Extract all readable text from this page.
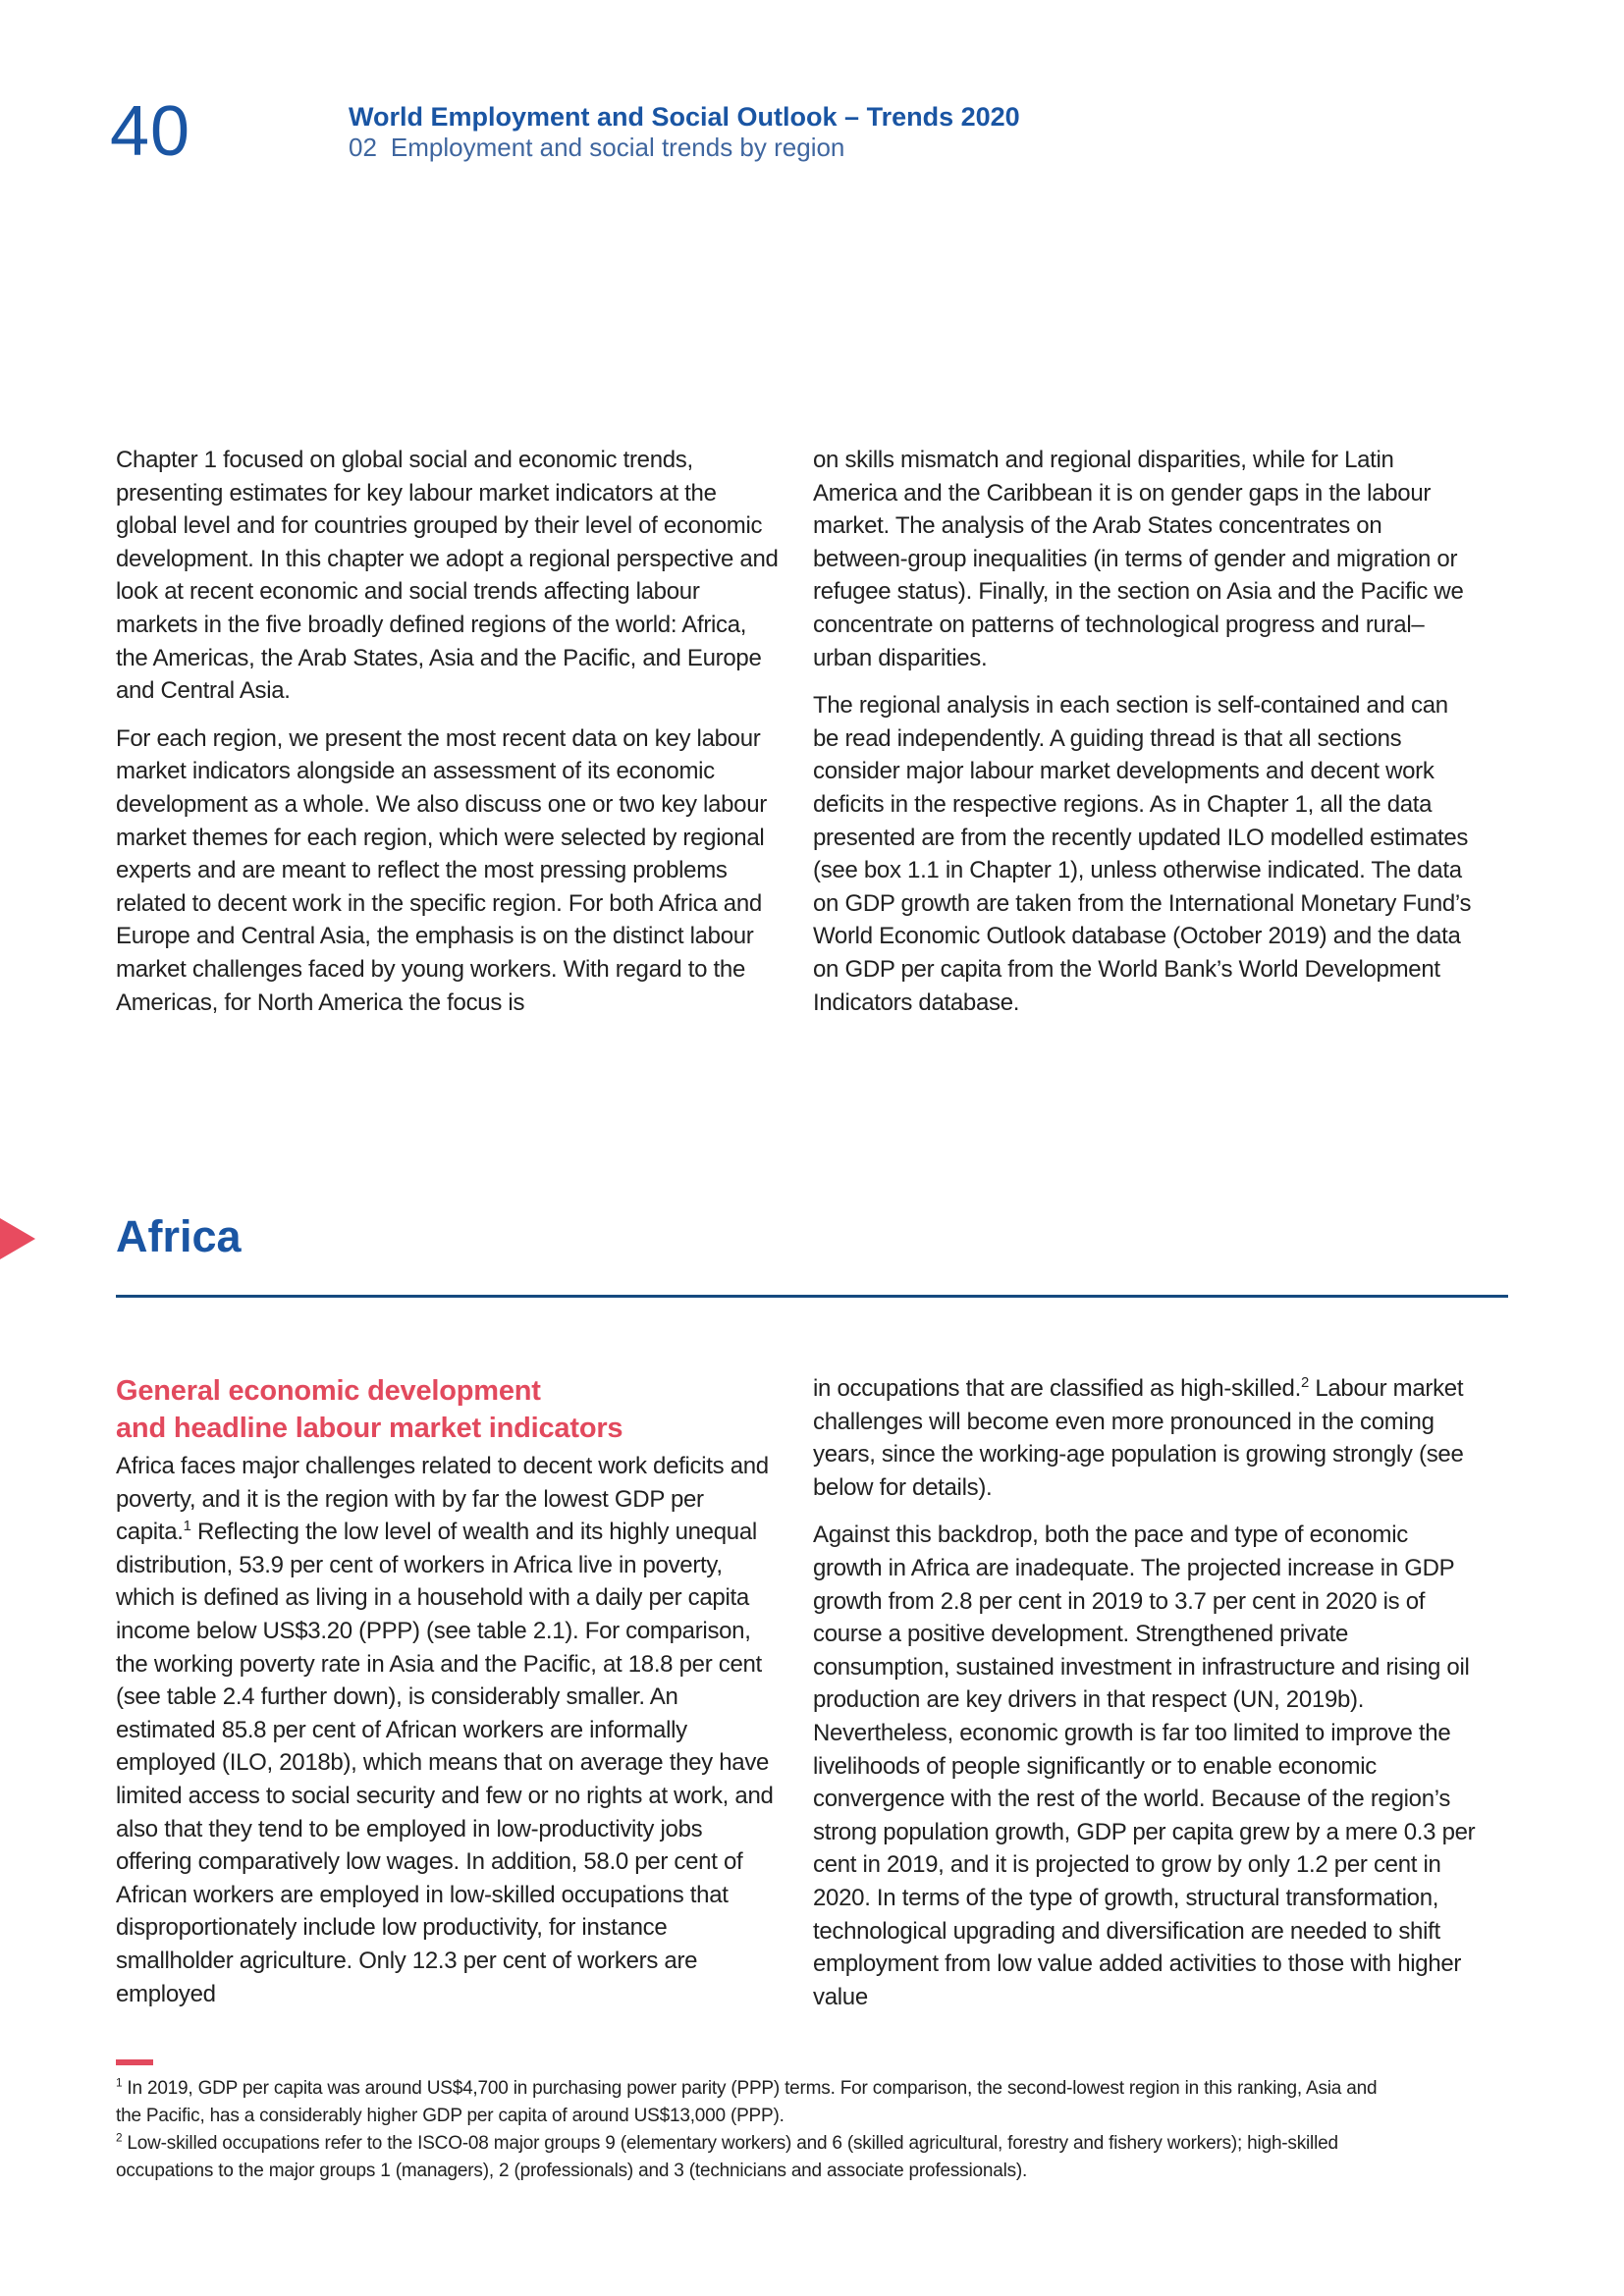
40	World Employment and Social Outlook – Trends 2020
02 Employment and social trends by region

Chapter 1 focused on global social and economic trends, presenting estimates for key labour market indicators at the global level and for countries grouped by their level of economic development. In this chapter we adopt a regional perspective and look at recent economic and social trends affecting labour markets in the five broadly defined regions of the world: Africa, the Americas, the Arab States, Asia and the Pacific, and Europe and Central Asia.

For each region, we present the most recent data on key labour market indicators alongside an assessment of its economic development as a whole. We also discuss one or two key labour market themes for each region, which were selected by regional experts and are meant to reflect the most pressing problems related to decent work in the specific region. For both Africa and Europe and Central Asia, the emphasis is on the distinct labour market challenges faced by young workers. With regard to the Americas, for North America the focus is

on skills mismatch and regional disparities, while for Latin America and the Caribbean it is on gender gaps in the labour market. The analysis of the Arab States concentrates on between-group inequalities (in terms of gender and migration or refugee status). Finally, in the section on Asia and the Pacific we concentrate on patterns of technological progress and rural–urban disparities.

The regional analysis in each section is self-contained and can be read independently. A guiding thread is that all sections consider major labour market developments and decent work deficits in the respective regions. As in Chapter 1, all the data presented are from the recently updated ILO modelled estimates (see box 1.1 in Chapter 1), unless otherwise indicated. The data on GDP growth are taken from the International Monetary Fund’s World Economic Outlook database (October 2019) and the data on GDP per capita from the World Bank’s World Development Indicators database.

Africa
General economic development
and headline labour market indicators

Africa faces major challenges related to decent work deficits and poverty, and it is the region with by far the lowest GDP per capita.$^1$ Reflecting the low level of wealth and its highly unequal distribution, 53.9 per cent of workers in Africa live in poverty, which is defined as living in a household with a daily per capita income below US$3.20 (PPP) (see table 2.1). For comparison, the working poverty rate in Asia and the Pacific, at 18.8 per cent (see table 2.4 further down), is considerably smaller. An estimated 85.8 per cent of African workers are informally employed (ILO, 2018b), which means that on average they have limited access to social security and few or no rights at work, and also that they tend to be employed in low-productivity jobs offering comparatively low wages. In addition, 58.0 per cent of African workers are employed in low-skilled occupations that disproportionately include low productivity, for instance smallholder agriculture. Only 12.3 per cent of workers are employed

in occupations that are classified as high-skilled.$^2$ Labour market challenges will become even more pronounced in the coming years, since the working-age population is growing strongly (see below for details).

Against this backdrop, both the pace and type of economic growth in Africa are inadequate. The projected increase in GDP growth from 2.8 per cent in 2019 to 3.7 per cent in 2020 is of course a positive development. Strengthened private consumption, sustained investment in infrastructure and rising oil production are key drivers in that respect (UN, 2019b). Nevertheless, economic growth is far too limited to improve the livelihoods of people significantly or to enable economic convergence with the rest of the world. Because of the region’s strong population growth, GDP per capita grew by a mere 0.3 per cent in 2019, and it is projected to grow by only 1.2 per cent in 2020. In terms of the type of growth, structural transformation, technological upgrading and diversification are needed to shift employment from low value added activities to those with higher value

$^1$ In 2019, GDP per capita was around US$4,700 in purchasing power parity (PPP) terms. For comparison, the second-lowest region in this ranking, Asia and the Pacific, has a considerably higher GDP per capita of around US$13,000 (PPP).

$^2$ Low-skilled occupations refer to the ISCO-08 major groups 9 (elementary workers) and 6 (skilled agricultural, forestry and fishery workers); high-skilled occupations to the major groups 1 (managers), 2 (professionals) and 3 (technicians and associate professionals).
